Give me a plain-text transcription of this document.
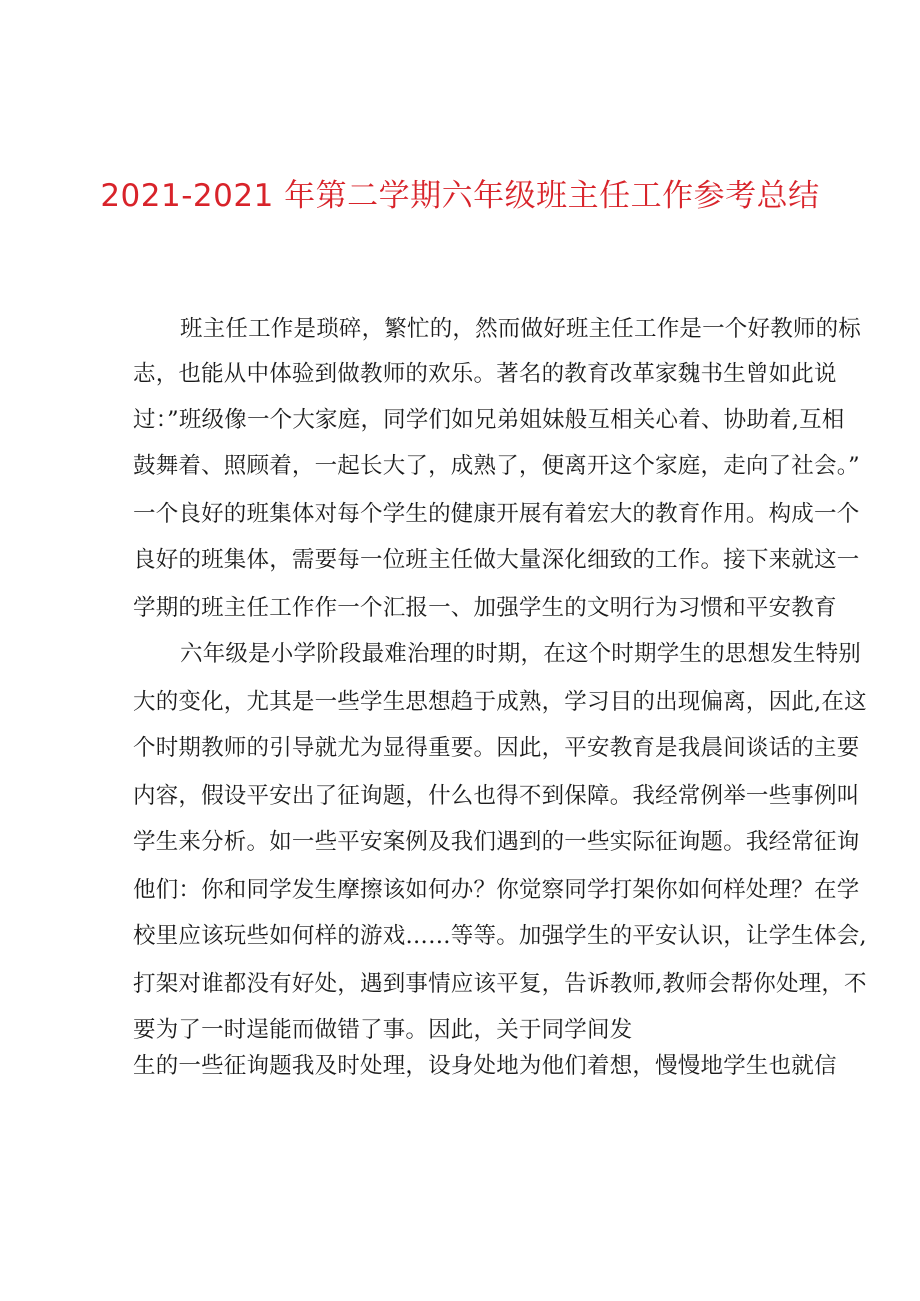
2021-2021 年第二学期六年级班主任工作参考总结
班主任工作是琐碎，繁忙的，然而做好班主任工作是一个好教师的标
志，也能从中体验到做教师的欢乐。著名的教育改革家魏书生曾如此说
过：”班级像一个大家庭，同学们如兄弟姐妹般互相关心着、协助着,互相
鼓舞着、照顾着，一起长大了，成熟了，便离开这个家庭，走向了社会。”
一个良好的班集体对每个学生的健康开展有着宏大的教育作用。构成一个
良好的班集体，需要每一位班主任做大量深化细致的工作。接下来就这一
学期的班主任工作作一个汇报一、加强学生的文明行为习惯和平安教育
六年级是小学阶段最难治理的时期，在这个时期学生的思想发生特别
大的变化，尤其是一些学生思想趋于成熟，学习目的出现偏离，因此,在这
个时期教师的引导就尤为显得重要。因此，平安教育是我晨间谈话的主要
内容，假设平安出了征询题，什么也得不到保障。我经常例举一些事例叫
学生来分析。如一些平安案例及我们遇到的一些实际征询题。我经常征询
他们：你和同学发生摩擦该如何办？你觉察同学打架你如何样处理？在学
校里应该玩些如何样的游戏……等等。加强学生的平安认识，让学生体会,
打架对谁都没有好处，遇到事情应该平复，告诉教师,教师会帮你处理，不
要为了一时逞能而做错了事。因此，关于同学间发
生的一些征询题我及时处理，设身处地为他们着想，慢慢地学生也就信
